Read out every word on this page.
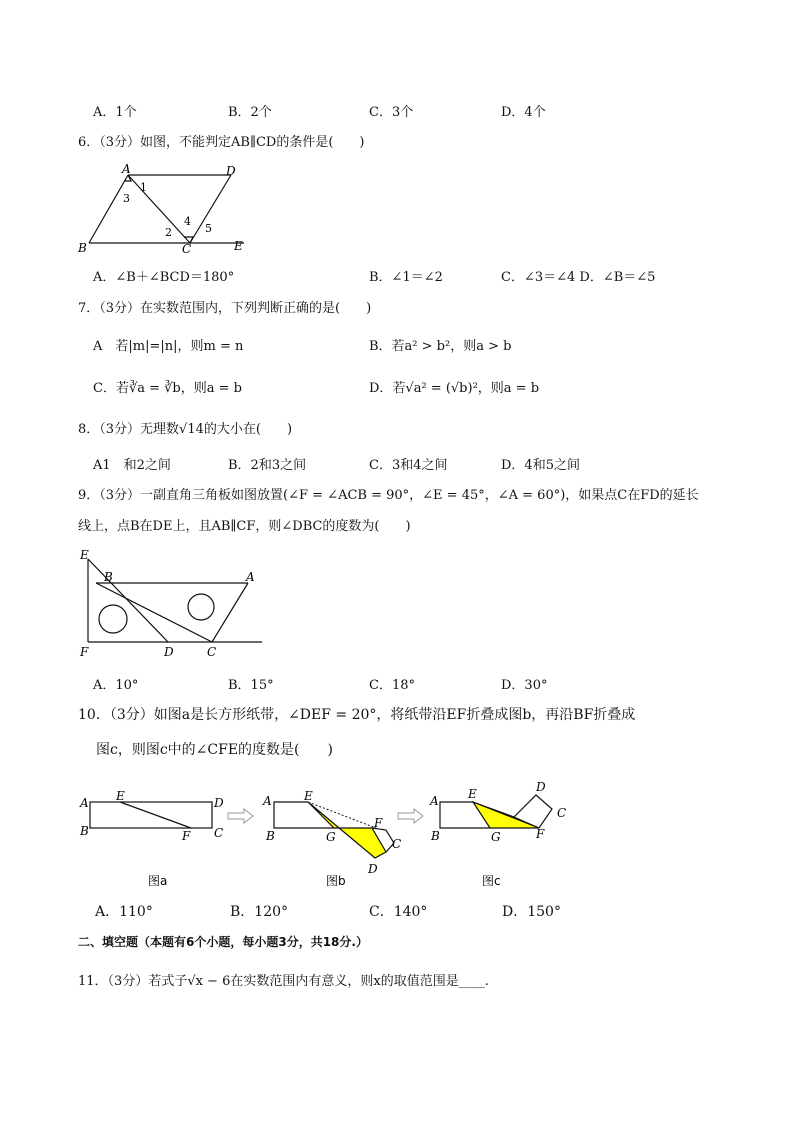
A．1个	B．2个	C．3个	D．4个
6．（3分）如图，不能判定AB∥CD的条件是(　　)
A	D
B	C	E
1
3
2
4
5
A．∠B＋∠BCD＝180°	B．∠1＝∠2	C．∠3＝∠4 D．∠B＝∠5
7．（3分）在实数范围内，下列判断正确的是(　　)
A　若|m|=|n|，则m = n	B．若a² > b²，则a > b
C．若∛a = ∛b，则a = b	D．若√a² = (√b)²，则a = b
8．（3分）无理数√14的大小在(　　)
A1　和2之间	B．2和3之间	C．3和4之间	D．4和5之间
9．（3分）一副直角三角板如图放置(∠F = ∠ACB = 90°，∠E = 45°，∠A = 60°)，如果点C在FD的延长
线上，点B在DE上，且AB∥CF，则∠DBC的度数为(　　)
E
B	A
F	D	C
A．10°	B．15°	C．18°	D．30°
10．（3分）如图a是长方形纸带，∠DEF = 20°，将纸带沿EF折叠成图b，再沿BF折叠成
图c，则图c中的∠CFE的度数是(　　)
A E	D
B	F C
A	E
B	G
F
C
D
A E	D
C
B	G	F
图a	图b	图c
A．110°	B．120°	C．140°	D．150°
二、填空题（本题有6个小题，每小题3分，共18分.）
11．（3分）若式子√x − 6在实数范围内有意义，则x的取值范围是____.
